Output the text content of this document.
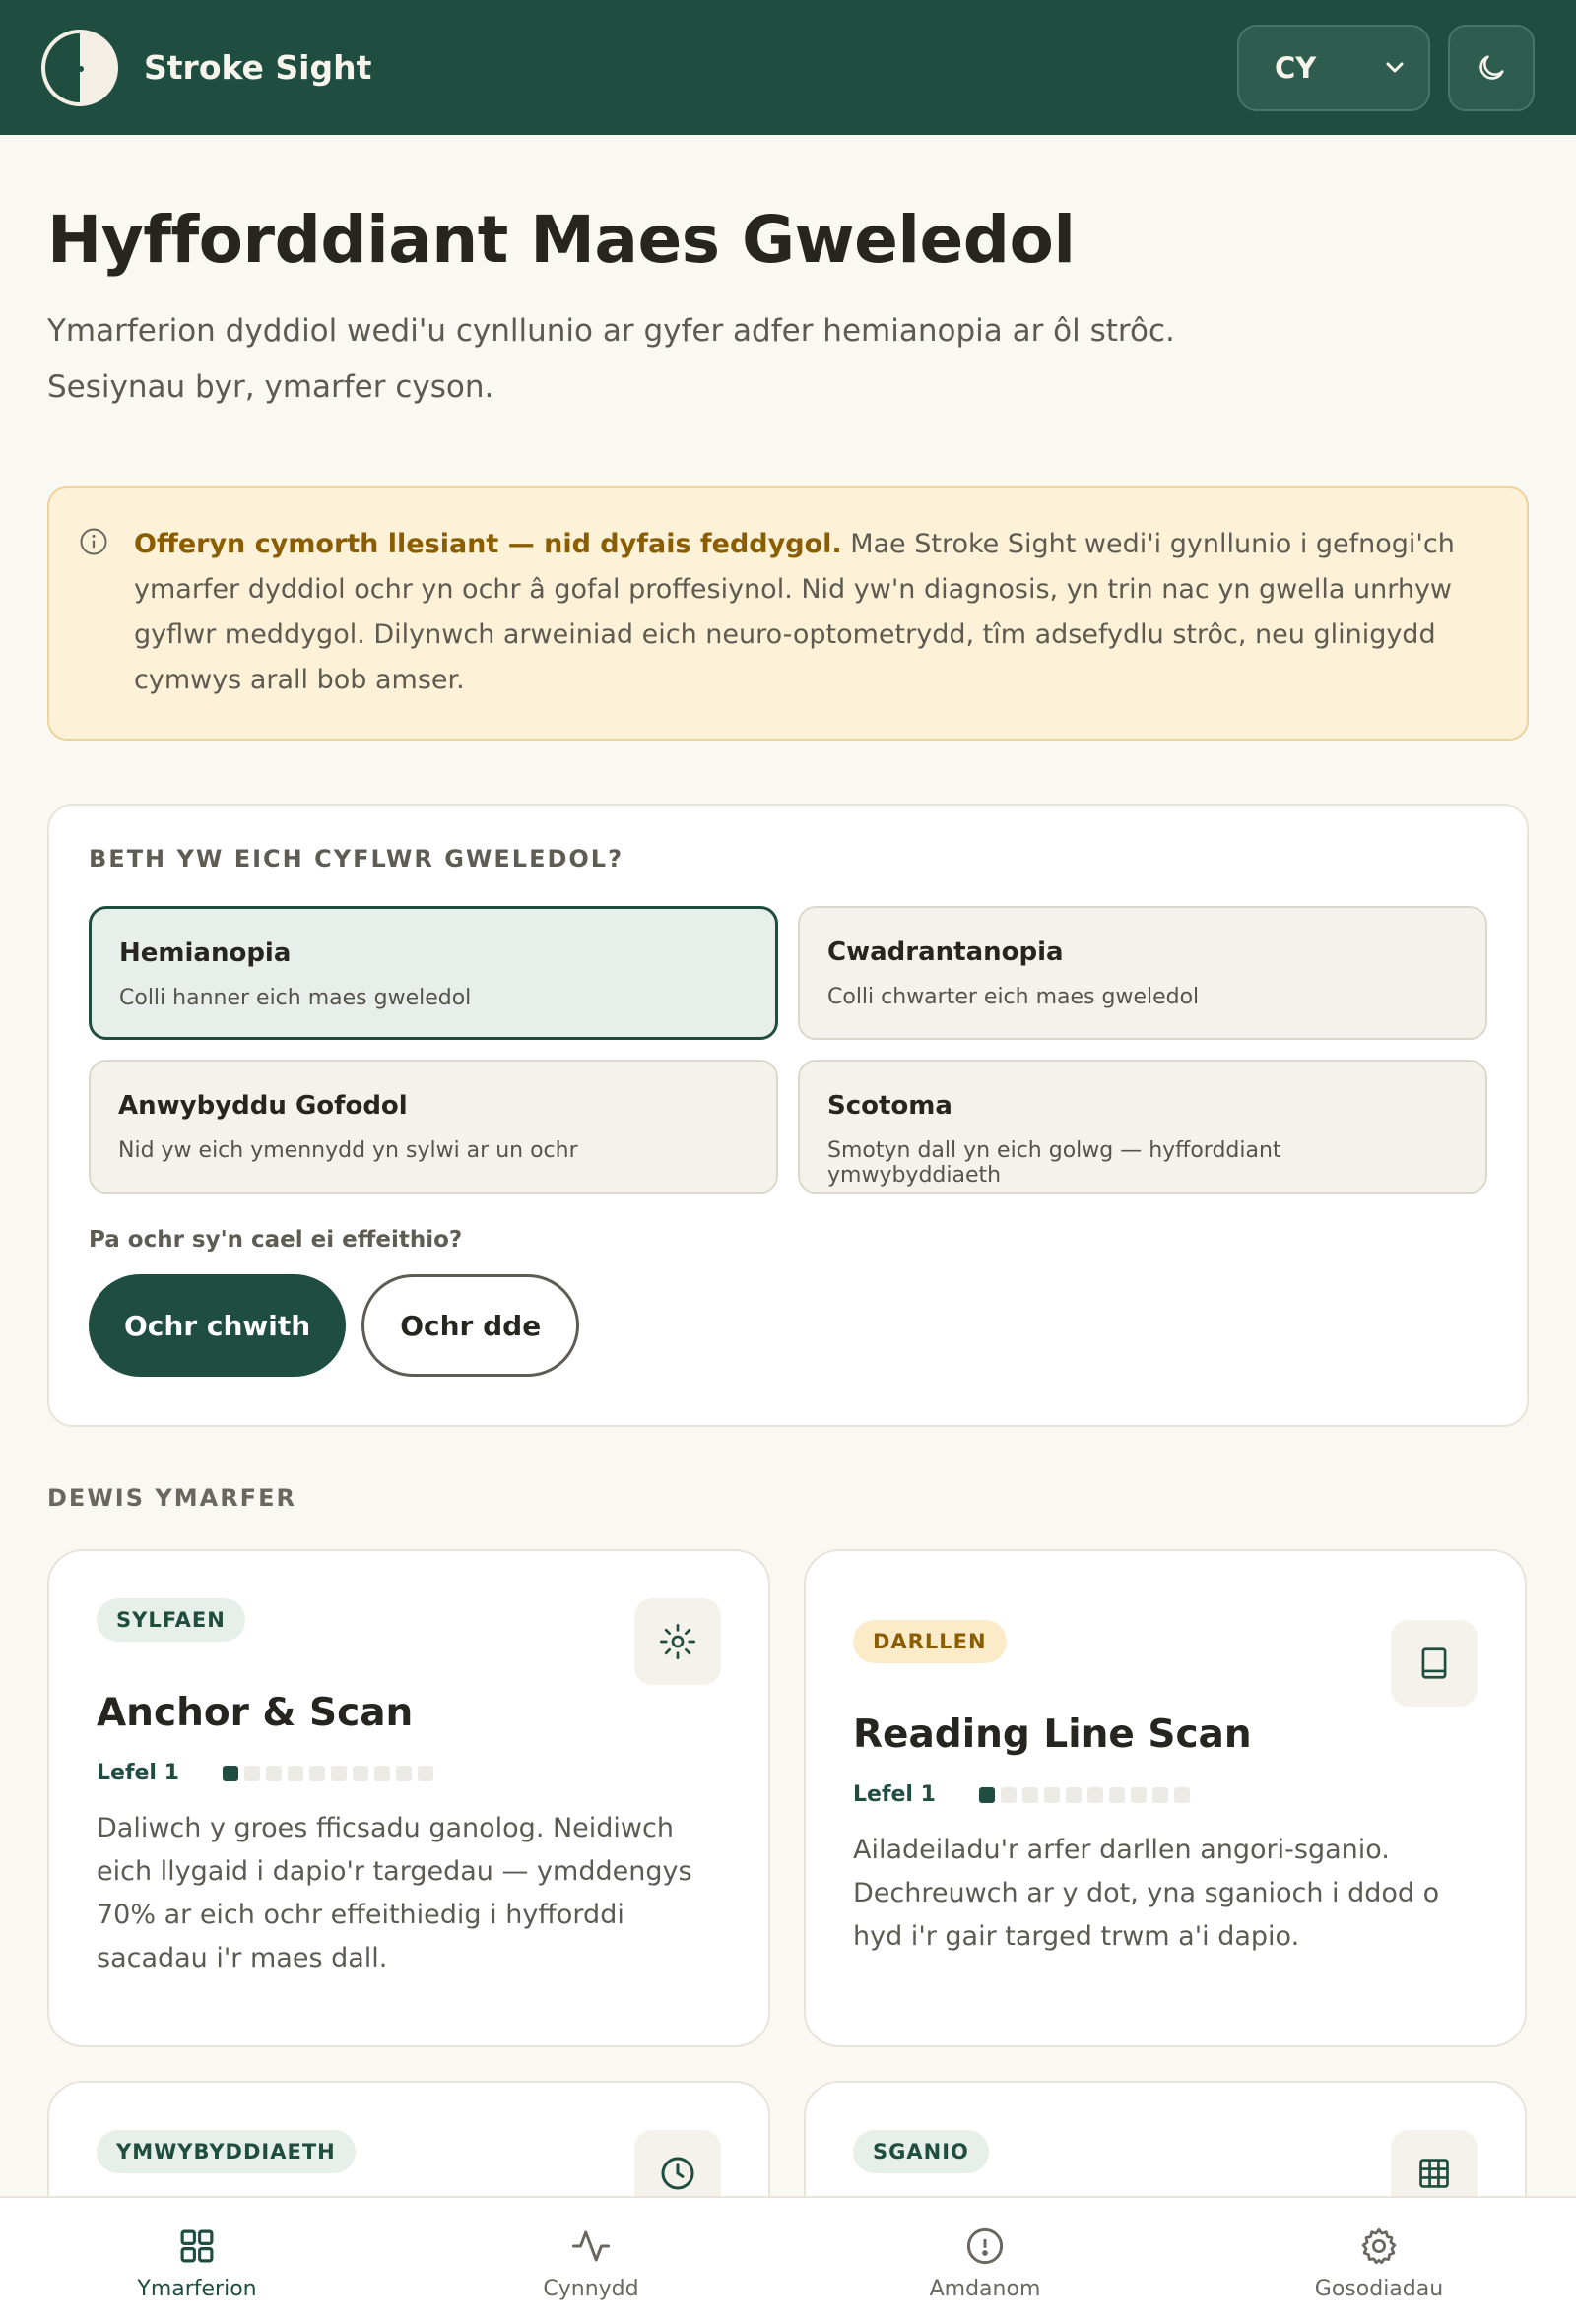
Stroke Sight	CY
Hyfforddiant Maes Gweledol

Ymarferion dyddiol wedi'u cynllunio ar gyfer adfer hemianopia ar ôl strôc. Sesiynau byr, ymarfer cyson.

Offeryn cymorth llesiant — nid dyfais feddygol. Mae Stroke Sight wedi'i gynllunio i gefnogi'ch ymarfer dyddiol ochr yn ochr â gofal proffesiynol. Nid yw'n diagnosis, yn trin nac yn gwella unrhyw gyflwr meddygol. Dilynwch arweiniad eich neuro-optometrydd, tîm adsefydlu strôc, neu glinigydd cymwys arall bob amser.
BETH YW EICH CYFLWR GWELEDOL?
Hemianopia
Colli hanner eich maes gweledol
Cwadrantanopia
Colli chwarter eich maes gweledol
Anwybyddu Gofodol
Nid yw eich ymennydd yn sylwi ar un ochr
Scotoma
Smotyn dall yn eich golwg — hyfforddiant ymwybyddiaeth
Pa ochr sy'n cael ei effeithio?
Ochr chwith	Ochr dde
DEWIS YMARFER
SYLFAEN
Anchor & Scan
Lefel 1
Daliwch y groes fficsadu ganolog. Neidiwch eich llygaid i dapio'r targedau — ymddengys 70% ar eich ochr effeithiedig i hyfforddi sacadau i'r maes dall.
DARLLEN
Reading Line Scan
Lefel 1
Ailadeiladu'r arfer darllen angori-sganio. Dechreuwch ar y dot, yna sganioch i ddod o hyd i'r gair targed trwm a'i dapio.
YMWYBYDDIAETH	SGANIO
Ymarferion	Cynnydd	Amdanom	Gosodiadau
